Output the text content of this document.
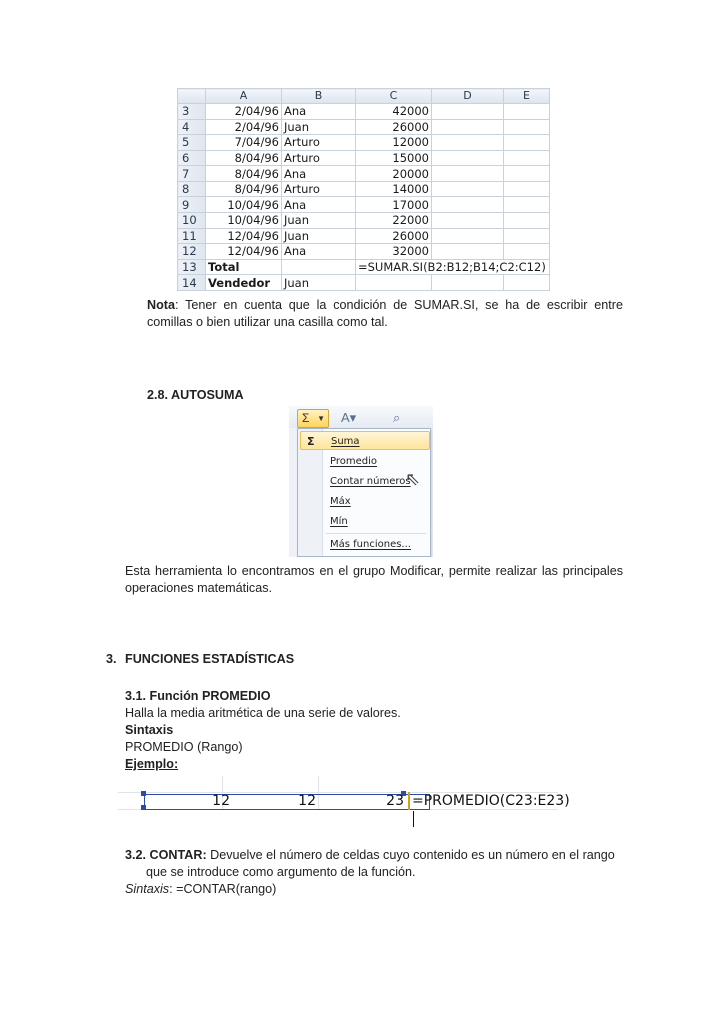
	A	B	C	D	E
3	2/04/96	Ana	42000		
4	2/04/96	Juan	26000		
5	7/04/96	Arturo	12000		
6	8/04/96	Arturo	15000		
7	8/04/96	Ana	20000		
8	8/04/96	Arturo	14000		
9	10/04/96	Ana	17000		
10	10/04/96	Juan	22000		
11	12/04/96	Juan	26000		
12	12/04/96	Ana	32000		
13	Total		=SUMAR.SI(B2:B12;B14;C2:C12)		
14	Vendedor	Juan			
Nota: Tener en cuenta que la condición de SUMAR.SI, se ha de escribir entre comillas o bien utilizar una casilla como tal.
2.8. AUTOSUMA
Σ ▼ A▾	⌕
Σ Suma
Promedio
Contar números
Máx
Mín
Más funciones...
⇖
Esta herramienta lo encontramos en el grupo Modificar, permite realizar las principales operaciones matemáticas.
3. FUNCIONES ESTADÍSTICAS
3.1. Función PROMEDIO
Halla la media aritmética de una serie de valores.
Sintaxis
PROMEDIO (Rango)
Ejemplo:
12	12	23 =PROMEDIO(C23:E23)
3.2. CONTAR: Devuelve el número de celdas cuyo contenido es un número en el rango que se introduce como argumento de la función.
Sintaxis: =CONTAR(rango)
